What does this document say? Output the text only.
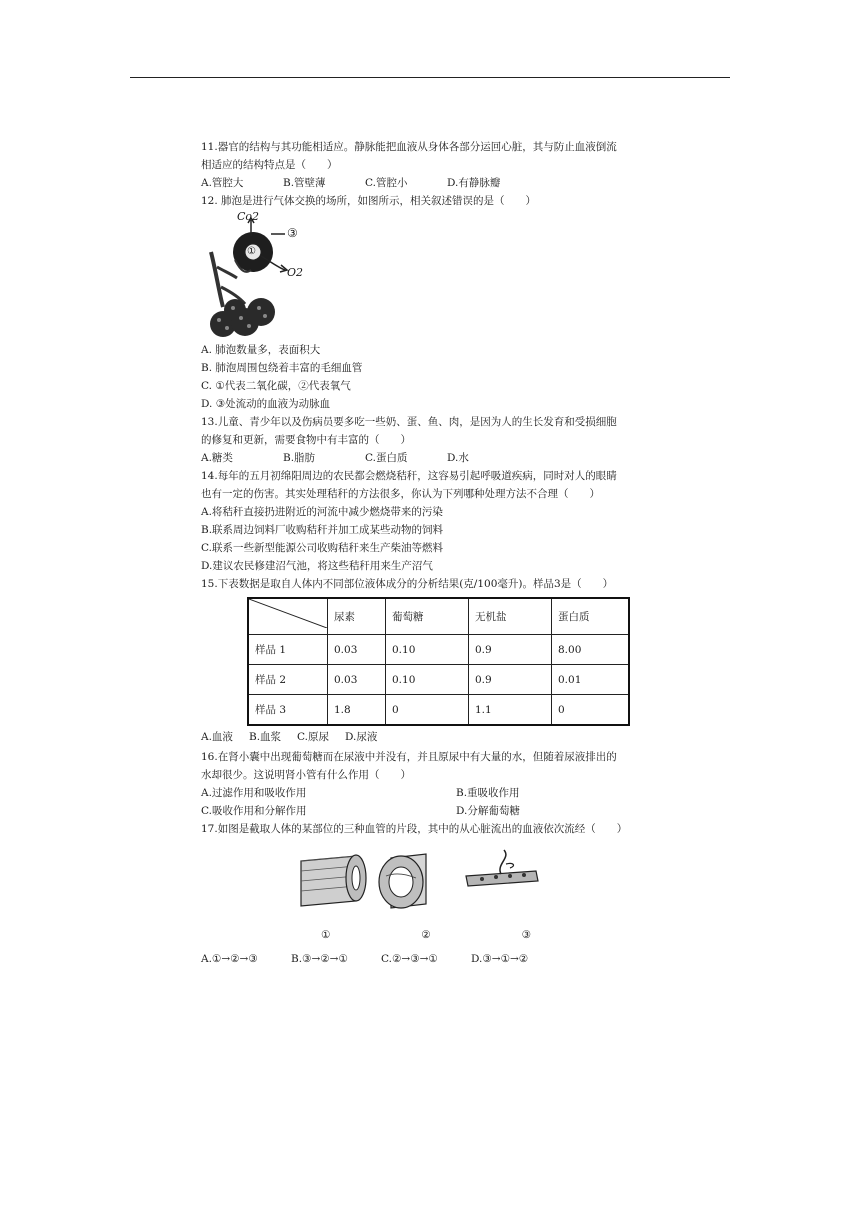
11.器官的结构与其功能相适应。静脉能把血液从身体各部分运回心脏，其与防止血液倒流

相适应的结构特点是（　　）

A.管腔大	B.管壁薄	C.管腔小	D.有静脉瓣

12. 肺泡是进行气体交换的场所，如图所示，相关叙述错误的是（　　）

Co2
O2
①
③

A. 肺泡数量多，表面积大

B. 肺泡周围包绕着丰富的毛细血管

C. ①代表二氧化碳，②代表氧气

D. ③处流动的血液为动脉血

13.儿童、青少年以及伤病员要多吃一些奶、蛋、鱼、肉，是因为人的生长发育和受损细胞

的修复和更新，需要食物中有丰富的（　　）

A.糖类	B.脂肪	C.蛋白质	D.水

14.每年的五月初绵阳周边的农民都会燃烧秸秆，这容易引起呼吸道疾病，同时对人的眼睛

也有一定的伤害。其实处理秸秆的方法很多，你认为下列哪种处理方法不合理（　　）

A.将秸秆直接扔进附近的河流中减少燃烧带来的污染

B.联系周边饲料厂收购秸秆并加工成某些动物的饲料

C.联系一些新型能源公司收购秸秆来生产柴油等燃料

D.建议农民修建沼气池，将这些秸秆用来生产沼气

15.下表数据是取自人体内不同部位液体成分的分析结果(克/100毫升)。样品3是（　　）

	尿素	葡萄糖	无机盐	蛋白质
样品 1	0.03	0.10	0.9	8.00
样品 2	0.03	0.10	0.9	0.01
样品 3	1.8	0	1.1	0
A.血液	B.血浆	C.原尿	D.尿液

16.在肾小囊中出现葡萄糖而在尿液中并没有，并且原尿中有大量的水，但随着尿液排出的

水却很少。这说明肾小管有什么作用（　　）

A.过滤作用和吸收作用	B.重吸收作用
C.吸收作用和分解作用	D.分解葡萄糖

17.如图是截取人体的某部位的三种血管的片段，其中的从心脏流出的血液依次流经（　　）

①	②	③
A.①→②→③	B.③→②→①	C.②→③→①	D.③→①→②
